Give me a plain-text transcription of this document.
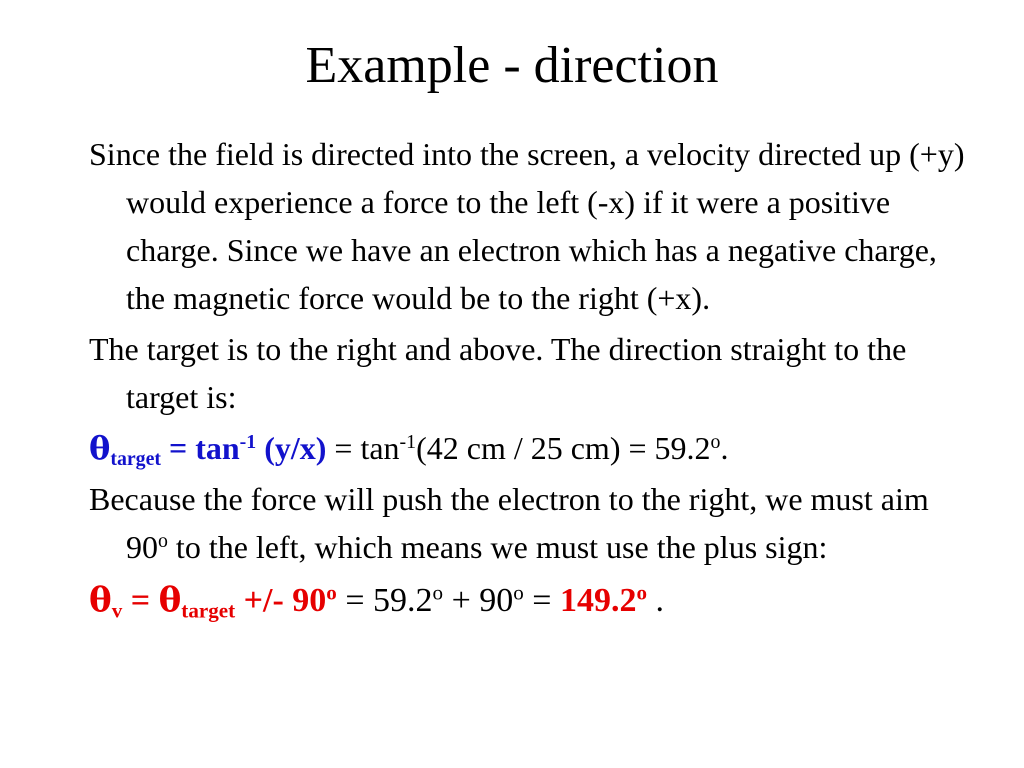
Example - direction
Since the field is directed into the screen, a velocity directed up (+y) would experience a force to the left (-x) if it were a positive charge. Since we have an electron which has a negative charge, the magnetic force would be to the right (+x).
The target is to the right and above. The direction straight to the target is:
$\theta_{target} = \tan^{-1} (y/x) = \tan^{-1}(42$ cm / 25 $cm) = 59.2^o$.
Because the force will push the electron to the right, we must aim 90$^o$ to the left, which means we must use the plus sign:
$\theta_v = \theta_{target}$ +/- $90^o = 59.2^o + 90^o = 149.2^o$ .
